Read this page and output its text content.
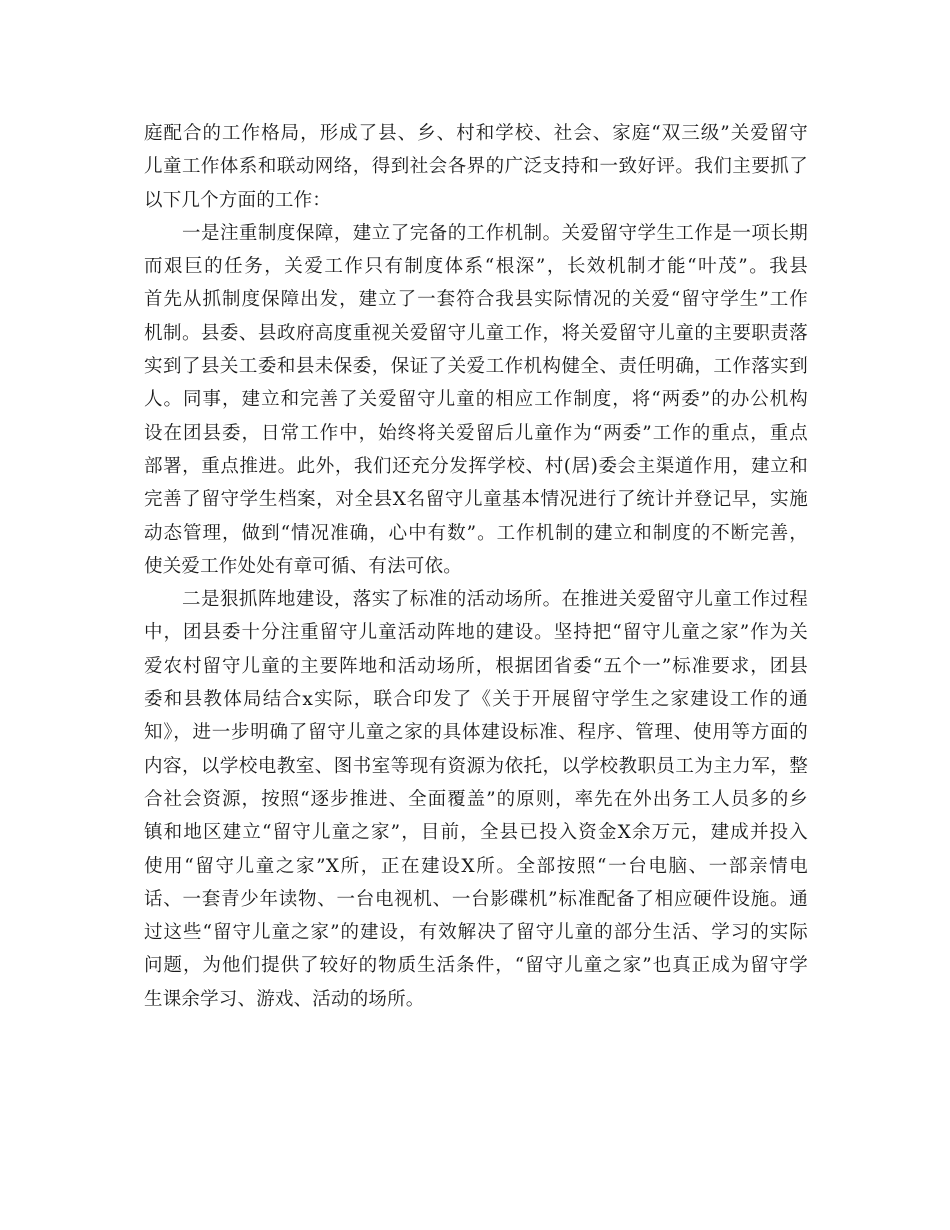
庭配合的工作格局，形成了县、乡、村和学校、社会、家庭“双三级”关爱留守
儿童工作体系和联动网络，得到社会各界的广泛支持和一致好评。我们主要抓了
以下几个方面的工作：
一是注重制度保障，建立了完备的工作机制。关爱留守学生工作是一项长期
而艰巨的任务，关爱工作只有制度体系“根深”，长效机制才能“叶茂”。我县
首先从抓制度保障出发，建立了一套符合我县实际情况的关爱“留守学生”工作
机制。县委、县政府高度重视关爱留守儿童工作，将关爱留守儿童的主要职责落
实到了县关工委和县未保委，保证了关爱工作机构健全、责任明确，工作落实到
人。同事，建立和完善了关爱留守儿童的相应工作制度，将“两委”的办公机构
设在团县委，日常工作中，始终将关爱留后儿童作为“两委”工作的重点，重点
部署，重点推进。此外，我们还充分发挥学校、村(居)委会主渠道作用，建立和
完善了留守学生档案，对全县X名留守儿童基本情况进行了统计并登记早，实施
动态管理，做到“情况准确，心中有数”。工作机制的建立和制度的不断完善，
使关爱工作处处有章可循、有法可依。
二是狠抓阵地建设，落实了标准的活动场所。在推进关爱留守儿童工作过程
中，团县委十分注重留守儿童活动阵地的建设。坚持把“留守儿童之家”作为关
爱农村留守儿童的主要阵地和活动场所，根据团省委“五个一”标准要求，团县
委和县教体局结合x实际，联合印发了《关于开展留守学生之家建设工作的通
知》，进一步明确了留守儿童之家的具体建设标准、程序、管理、使用等方面的
内容，以学校电教室、图书室等现有资源为依托，以学校教职员工为主力军，整
合社会资源，按照“逐步推进、全面覆盖”的原则，率先在外出务工人员多的乡
镇和地区建立“留守儿童之家”，目前，全县已投入资金X余万元，建成并投入
使用“留守儿童之家”X所，正在建设X所。全部按照“一台电脑、一部亲情电
话、一套青少年读物、一台电视机、一台影碟机”标准配备了相应硬件设施。通
过这些“留守儿童之家”的建设，有效解决了留守儿童的部分生活、学习的实际
问题，为他们提供了较好的物质生活条件，“留守儿童之家”也真正成为留守学
生课余学习、游戏、活动的场所。
